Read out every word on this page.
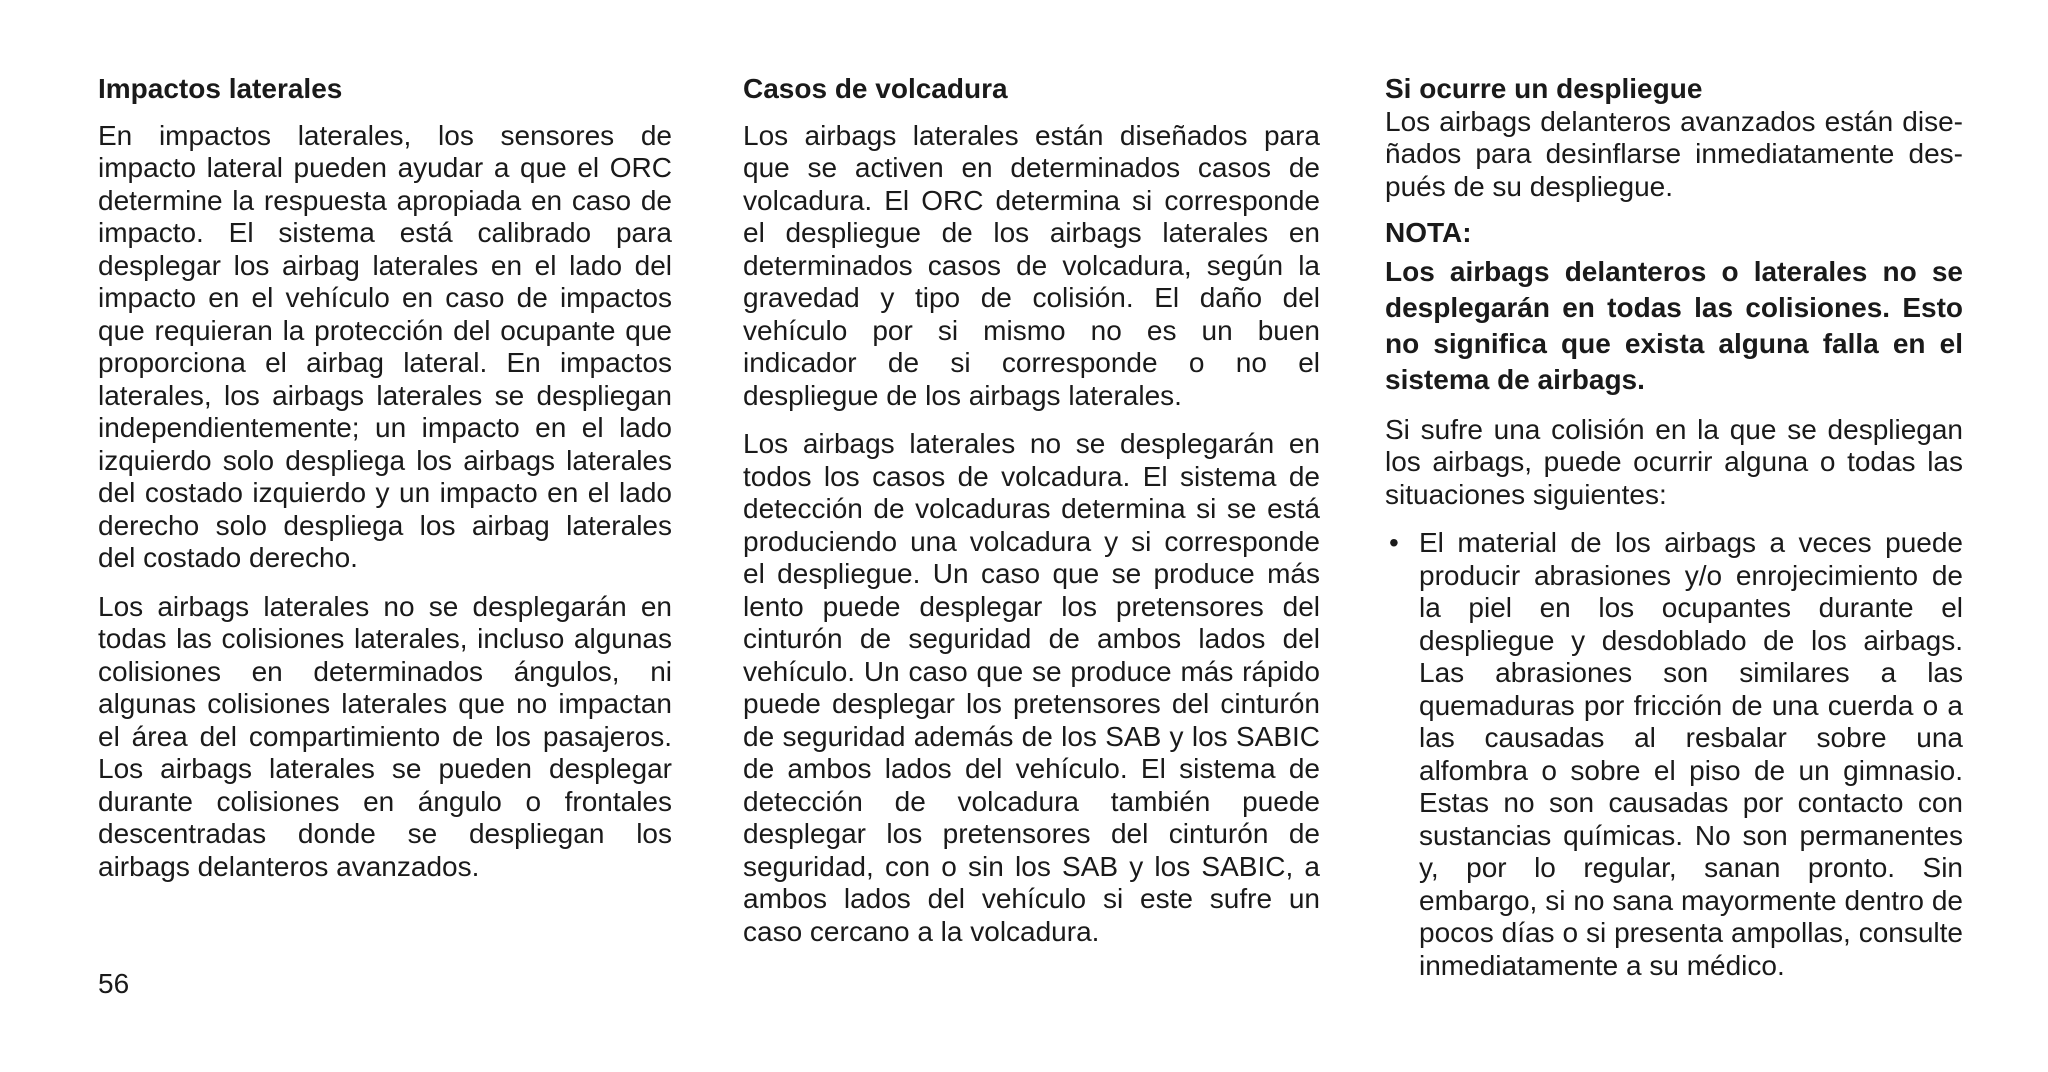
Impactos laterales

En impactos laterales, los sensores de impacto lateral pueden ayudar a que el ORC determine la respuesta apropiada en caso de impacto. El sistema está calibrado para desplegar los airbag laterales en el lado del impacto en el vehículo en caso de impactos que requieran la protección del ocupante que proporciona el airbag lateral. En impactos laterales, los airbags laterales se despliegan independientemente; un impacto en el lado izquierdo solo despliega los airbags laterales del costado izquierdo y un impacto en el lado derecho solo despliega los airbag laterales del costado derecho.

Los airbags laterales no se desplegarán en todas las colisiones laterales, incluso algunas colisiones en determinados ángulos, ni algunas colisiones laterales que no impactan el área del compartimiento de los pasajeros. Los airbags laterales se pueden desplegar durante colisiones en ángulo o frontales descentradas donde se despliegan los airbags delanteros avanzados.

Casos de volcadura

Los airbags laterales están diseñados para que se activen en determinados casos de volcadura. El ORC determina si corresponde el despliegue de los airbags laterales en determinados casos de volcadura, según la gravedad y tipo de colisión. El daño del vehículo por si mismo no es un buen indicador de si corresponde o no el despliegue de los airbags laterales.

Los airbags laterales no se desplegarán en todos los casos de volcadura. El sistema de detección de volcaduras determina si se está produciendo una volcadura y si corresponde el despliegue. Un caso que se produce más lento puede desplegar los pretensores del cinturón de seguridad de ambos lados del vehículo. Un caso que se produce más rápido puede desplegar los pretensores del cinturón de seguridad además de los SAB y los SABIC de ambos lados del vehículo. El sistema de detección de volcadura también puede desplegar los pretensores del cinturón de seguridad, con o sin los SAB y los SABIC, a ambos lados del vehículo si este sufre un caso cercano a la volcadura.

Si ocurre un despliegue

Los airbags delanteros avanzados están diseñados para desinflarse inmediatamente después de su despliegue.

NOTA:

Los airbags delanteros o laterales no se desplegarán en todas las colisiones. Esto no significa que exista alguna falla en el sistema de airbags.

Si sufre una colisión en la que se despliegan los airbags, puede ocurrir alguna o todas las situaciones siguientes:

• El material de los airbags a veces puede producir abrasiones y/o enrojecimiento de la piel en los ocupantes durante el despliegue y desdoblado de los airbags. Las abrasiones son similares a las quemaduras por fricción de una cuerda o a las causadas al resbalar sobre una alfombra o sobre el piso de un gimnasio. Estas no son causadas por contacto con sustancias químicas. No son permanentes y, por lo regular, sanan pronto. Sin embargo, si no sana mayormente dentro de pocos días o si presenta ampollas, consulte inmediatamente a su médico.
56
